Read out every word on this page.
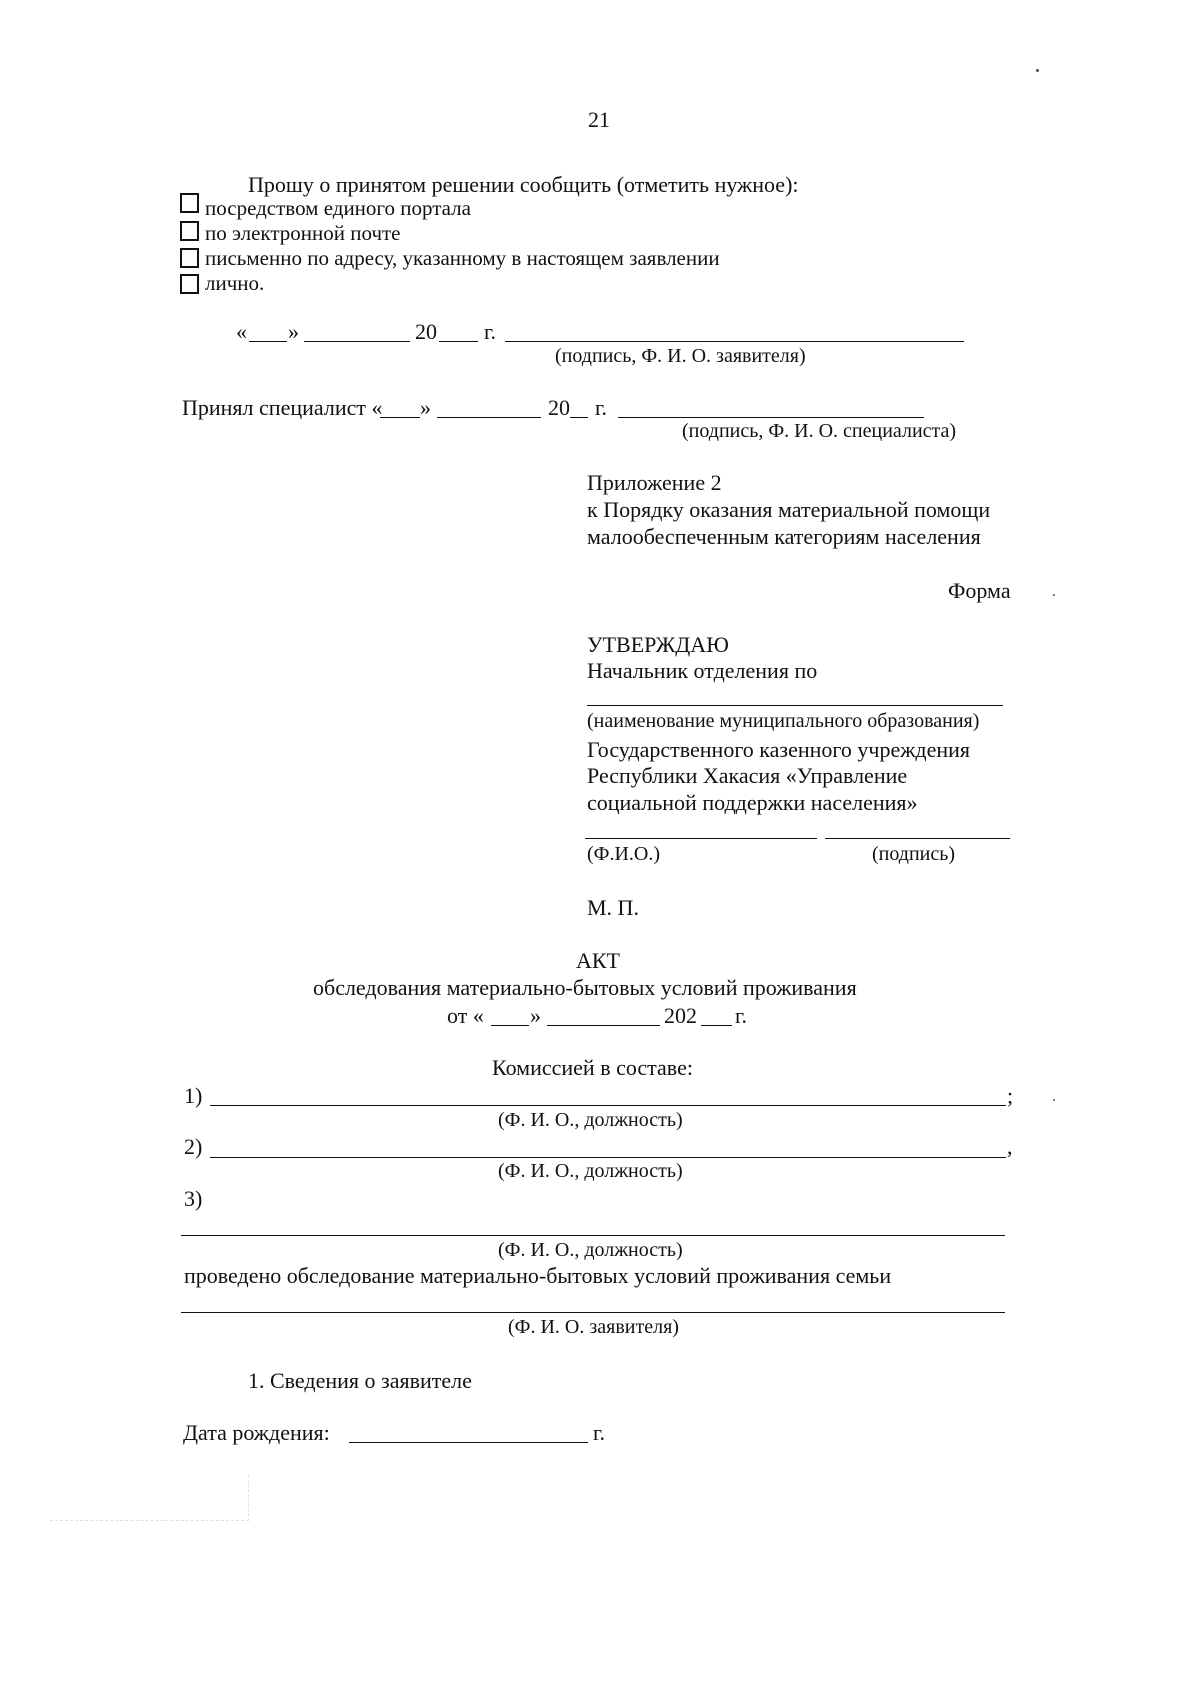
21
Прошу о принятом решении сообщить (отметить нужное):
посредством единого портала
по электронной почте
письменно по адресу, указанному в настоящем заявлении
лично.
« »	20 г.
(подпись, Ф. И. О. заявителя)
Принял специалист « »	20 г.
(подпись, Ф. И. О. специалиста)
Приложение 2
к Порядку оказания материальной помощи
малообеспеченным категориям населения
Форма
УТВЕРЖДАЮ
Начальник отделения по
(наименование муниципального образования)
Государственного казенного учреждения
Республики Хакасия «Управление
социальной поддержки населения»
(Ф.И.О.)	(подпись)
М. П.
АКТ
обследования материально-бытовых условий проживания
от « »	202 г.
Комиссией в составе:
1)	;
(Ф. И. О., должность)
2)	,
(Ф. И. О., должность)
3)
(Ф. И. О., должность)
проведено обследование материально-бытовых условий проживания семьи
(Ф. И. О. заявителя)
1. Сведения о заявителе
Дата рождения:	г.
